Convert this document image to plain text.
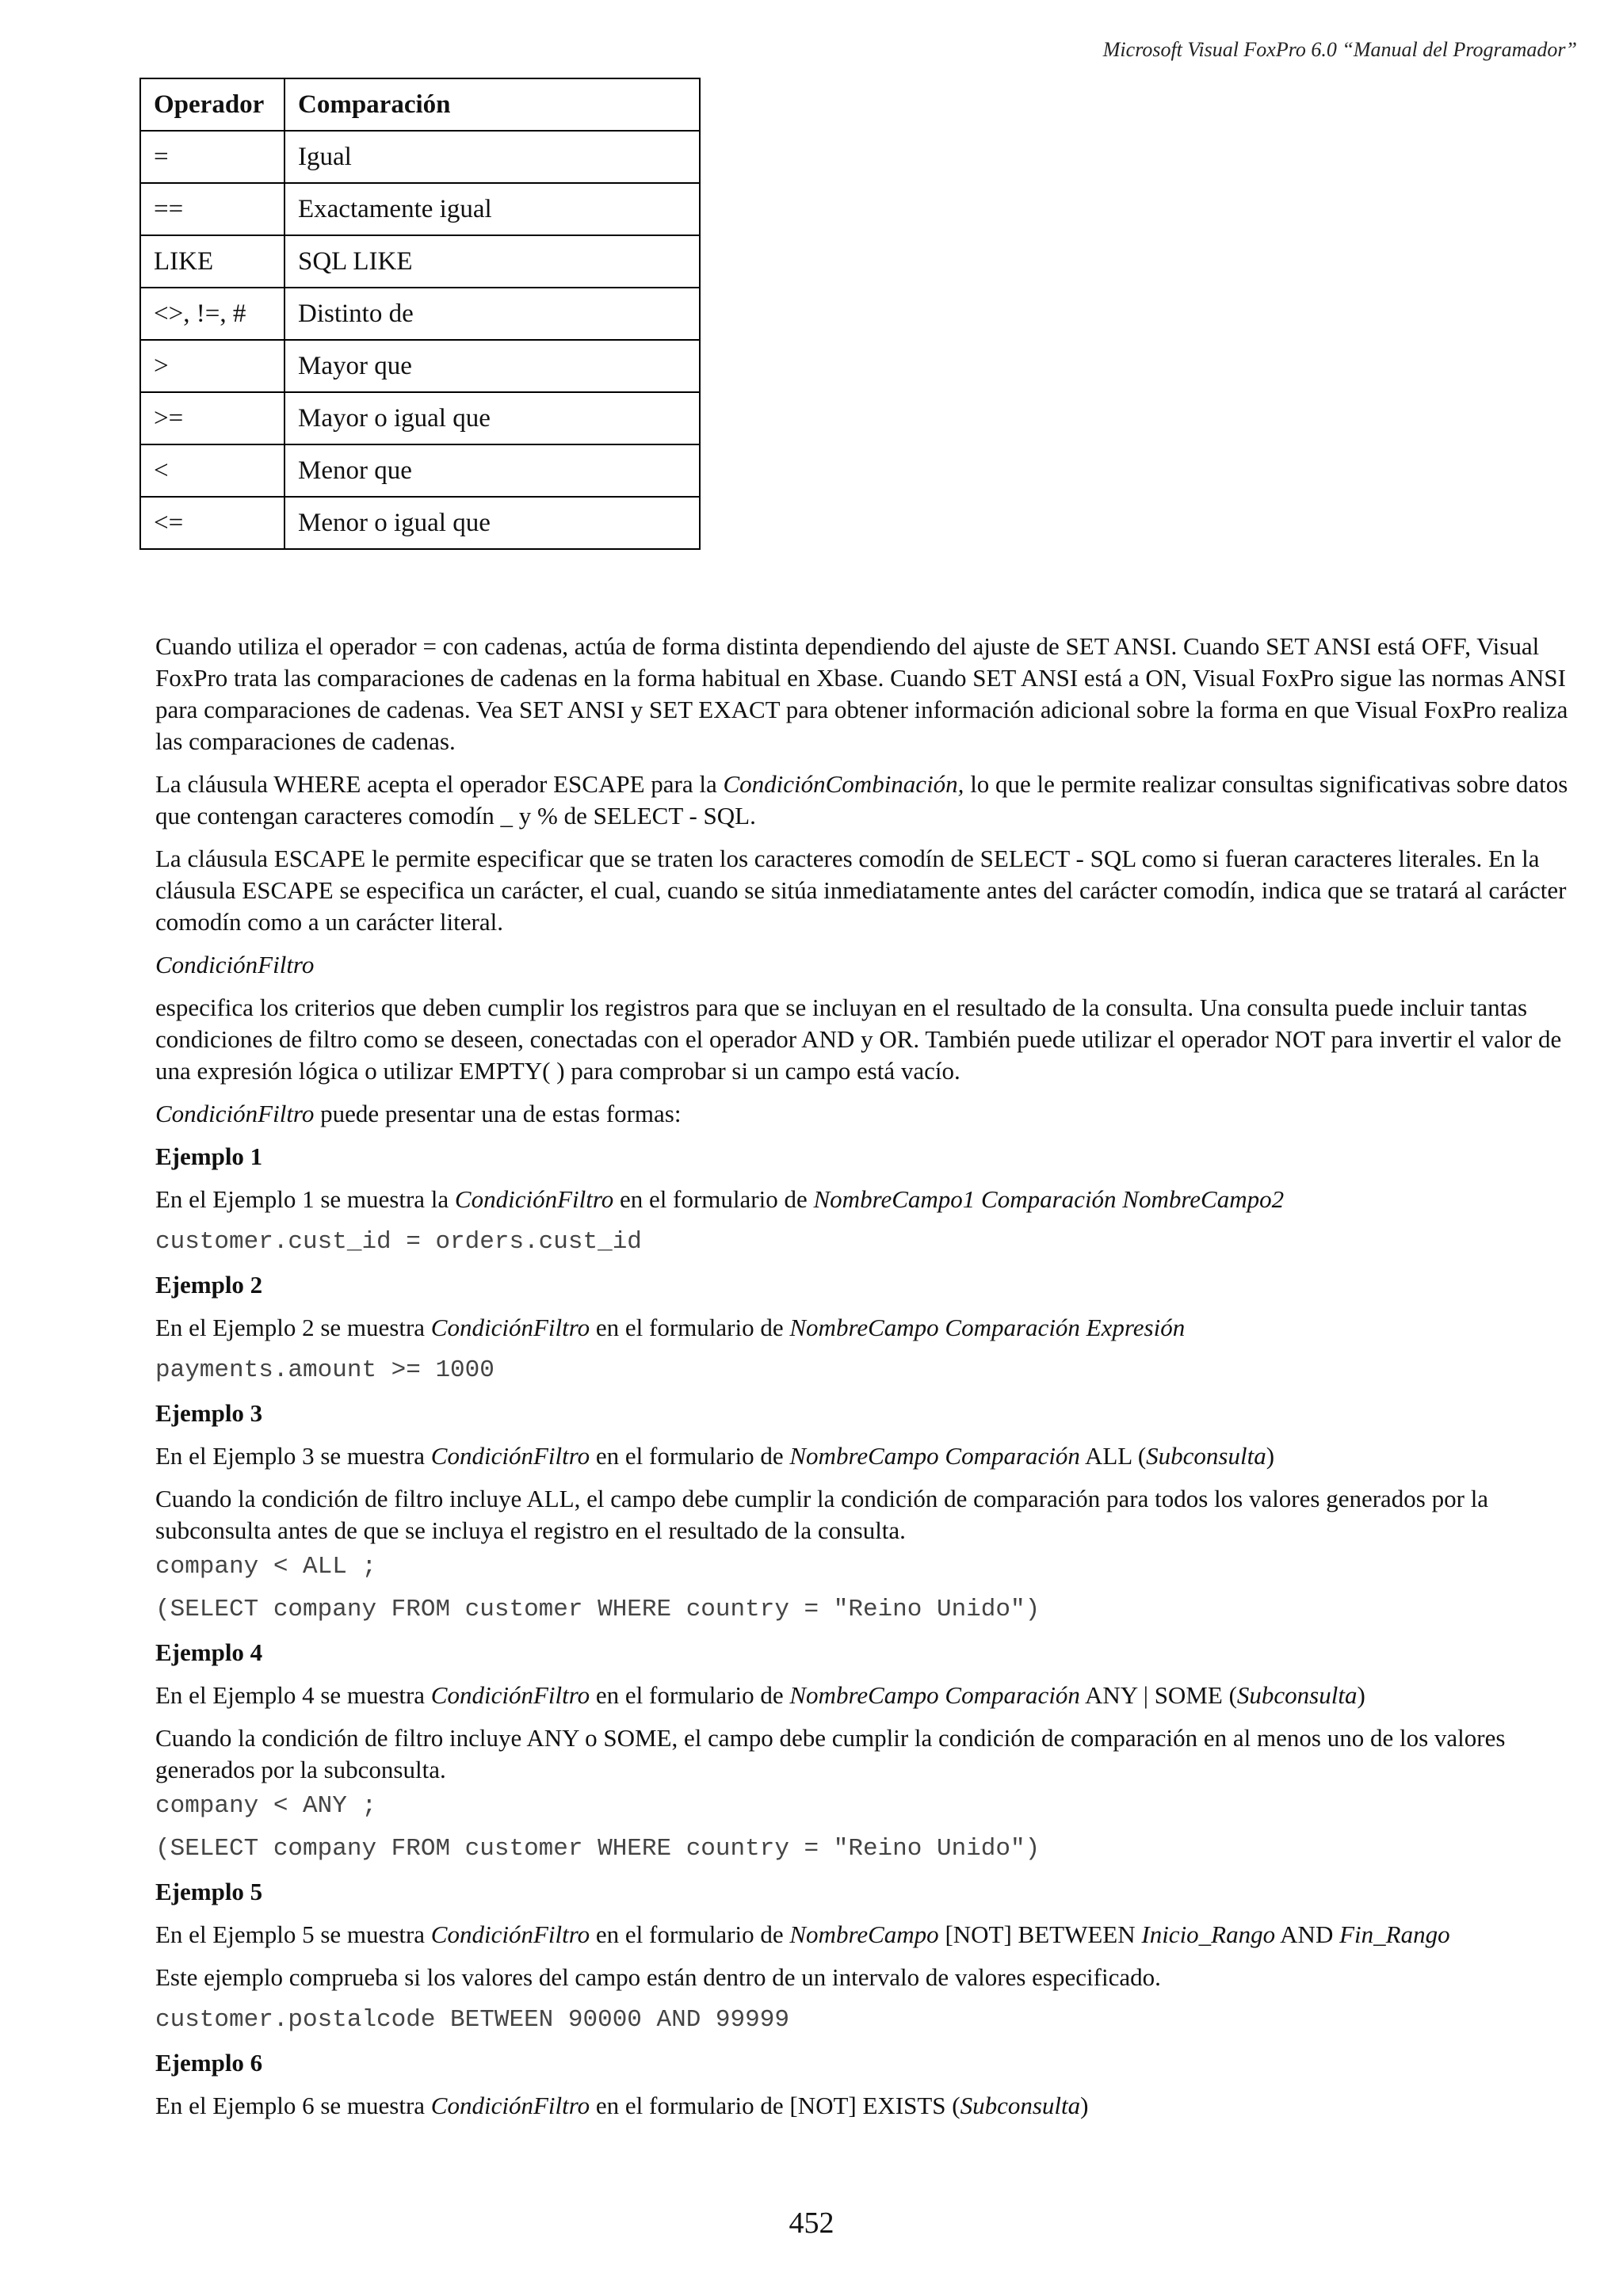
Microsoft Visual FoxPro 6.0 “Manual del Programador”
Operador	Comparación
=	Igual
==	Exactamente igual
LIKE	SQL LIKE
<>, !=, #	Distinto de
>	Mayor que
>=	Mayor o igual que
<	Menor que
<=	Menor o igual que

Cuando utiliza el operador = con cadenas, actúa de forma distinta dependiendo del ajuste de SET ANSI. Cuando SET ANSI está OFF, Visual FoxPro trata las comparaciones de cadenas en la forma habitual en Xbase. Cuando SET ANSI está a ON, Visual FoxPro sigue las normas ANSI para comparaciones de cadenas. Vea SET ANSI y SET EXACT para obtener información adicional sobre la forma en que Visual FoxPro realiza las comparaciones de cadenas.

La cláusula WHERE acepta el operador ESCAPE para la CondiciónCombinación, lo que le permite realizar consultas significativas sobre datos que contengan caracteres comodín _ y % de SELECT - SQL.

La cláusula ESCAPE le permite especificar que se traten los caracteres comodín de SELECT - SQL como si fueran caracteres literales. En la cláusula ESCAPE se especifica un carácter, el cual, cuando se sitúa inmediatamente antes del carácter comodín, indica que se tratará al carácter comodín como a un carácter literal.

CondiciónFiltro

especifica los criterios que deben cumplir los registros para que se incluyan en el resultado de la consulta. Una consulta puede incluir tantas condiciones de filtro como se deseen, conectadas con el operador AND y OR. También puede utilizar el operador NOT para invertir el valor de una expresión lógica o utilizar EMPTY( ) para comprobar si un campo está vacío.

CondiciónFiltro puede presentar una de estas formas:

Ejemplo 1

En el Ejemplo 1 se muestra la CondiciónFiltro en el formulario de NombreCampo1 Comparación NombreCampo2

customer.cust_id = orders.cust_id

Ejemplo 2

En el Ejemplo 2 se muestra CondiciónFiltro en el formulario de NombreCampo Comparación Expresión

payments.amount >= 1000

Ejemplo 3

En el Ejemplo 3 se muestra CondiciónFiltro en el formulario de NombreCampo Comparación ALL (Subconsulta)

Cuando la condición de filtro incluye ALL, el campo debe cumplir la condición de comparación para todos los valores generados por la subconsulta antes de que se incluya el registro en el resultado de la consulta.

company < ALL ;
(SELECT company FROM customer WHERE country = "Reino Unido")

Ejemplo 4

En el Ejemplo 4 se muestra CondiciónFiltro en el formulario de NombreCampo Comparación ANY | SOME (Subconsulta)

Cuando la condición de filtro incluye ANY o SOME, el campo debe cumplir la condición de comparación en al menos uno de los valores generados por la subconsulta.

company < ANY ;
(SELECT company FROM customer WHERE country = "Reino Unido")

Ejemplo 5

En el Ejemplo 5 se muestra CondiciónFiltro en el formulario de NombreCampo [NOT] BETWEEN Inicio_Rango AND Fin_Rango

Este ejemplo comprueba si los valores del campo están dentro de un intervalo de valores especificado.

customer.postalcode BETWEEN 90000 AND 99999

Ejemplo 6

En el Ejemplo 6 se muestra CondiciónFiltro en el formulario de [NOT] EXISTS (Subconsulta)

452
